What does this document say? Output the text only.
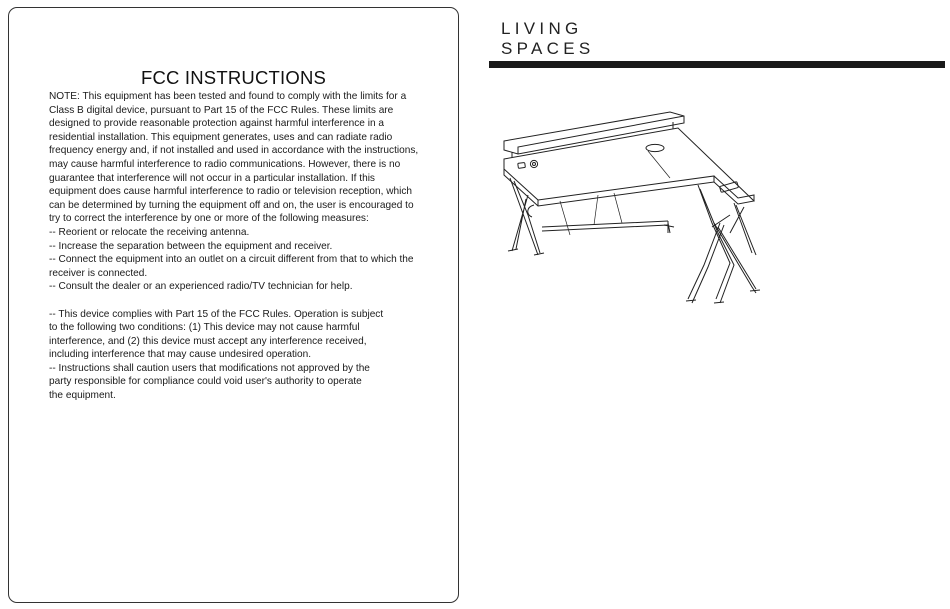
FCC INSTRUCTIONS
NOTE: This equipment has been tested and found to comply with the limits for a
Class B digital device, pursuant to Part 15 of the FCC Rules. These limits are
designed to provide reasonable protection against harmful interference in a
residential installation. This equipment generates, uses and can radiate radio
frequency energy and, if not installed and used in accordance with the instructions,
may cause harmful interference to radio communications. However, there is no
guarantee that interference will not occur in a particular installation. If this
equipment does cause harmful interference to radio or television reception, which
can be determined by turning the equipment off and on, the user is encouraged to
try to correct the interference by one or more of the following measures:
-- Reorient or relocate the receiving antenna.
-- Increase the separation between the equipment and receiver.
-- Connect the equipment into an outlet on a circuit different from that to which the
receiver is connected.
-- Consult the dealer or an experienced radio/TV technician for help.
-- This device complies with Part 15 of the FCC Rules. Operation is subject
to the following two conditions: (1) This device may not cause harmful
interference, and (2) this device must accept any interference received,
including interference that may cause undesired operation.
-- Instructions shall caution users that modifications not approved by the
party responsible for compliance could void user's authority to operate
the equipment.
LIVING
SPACES
